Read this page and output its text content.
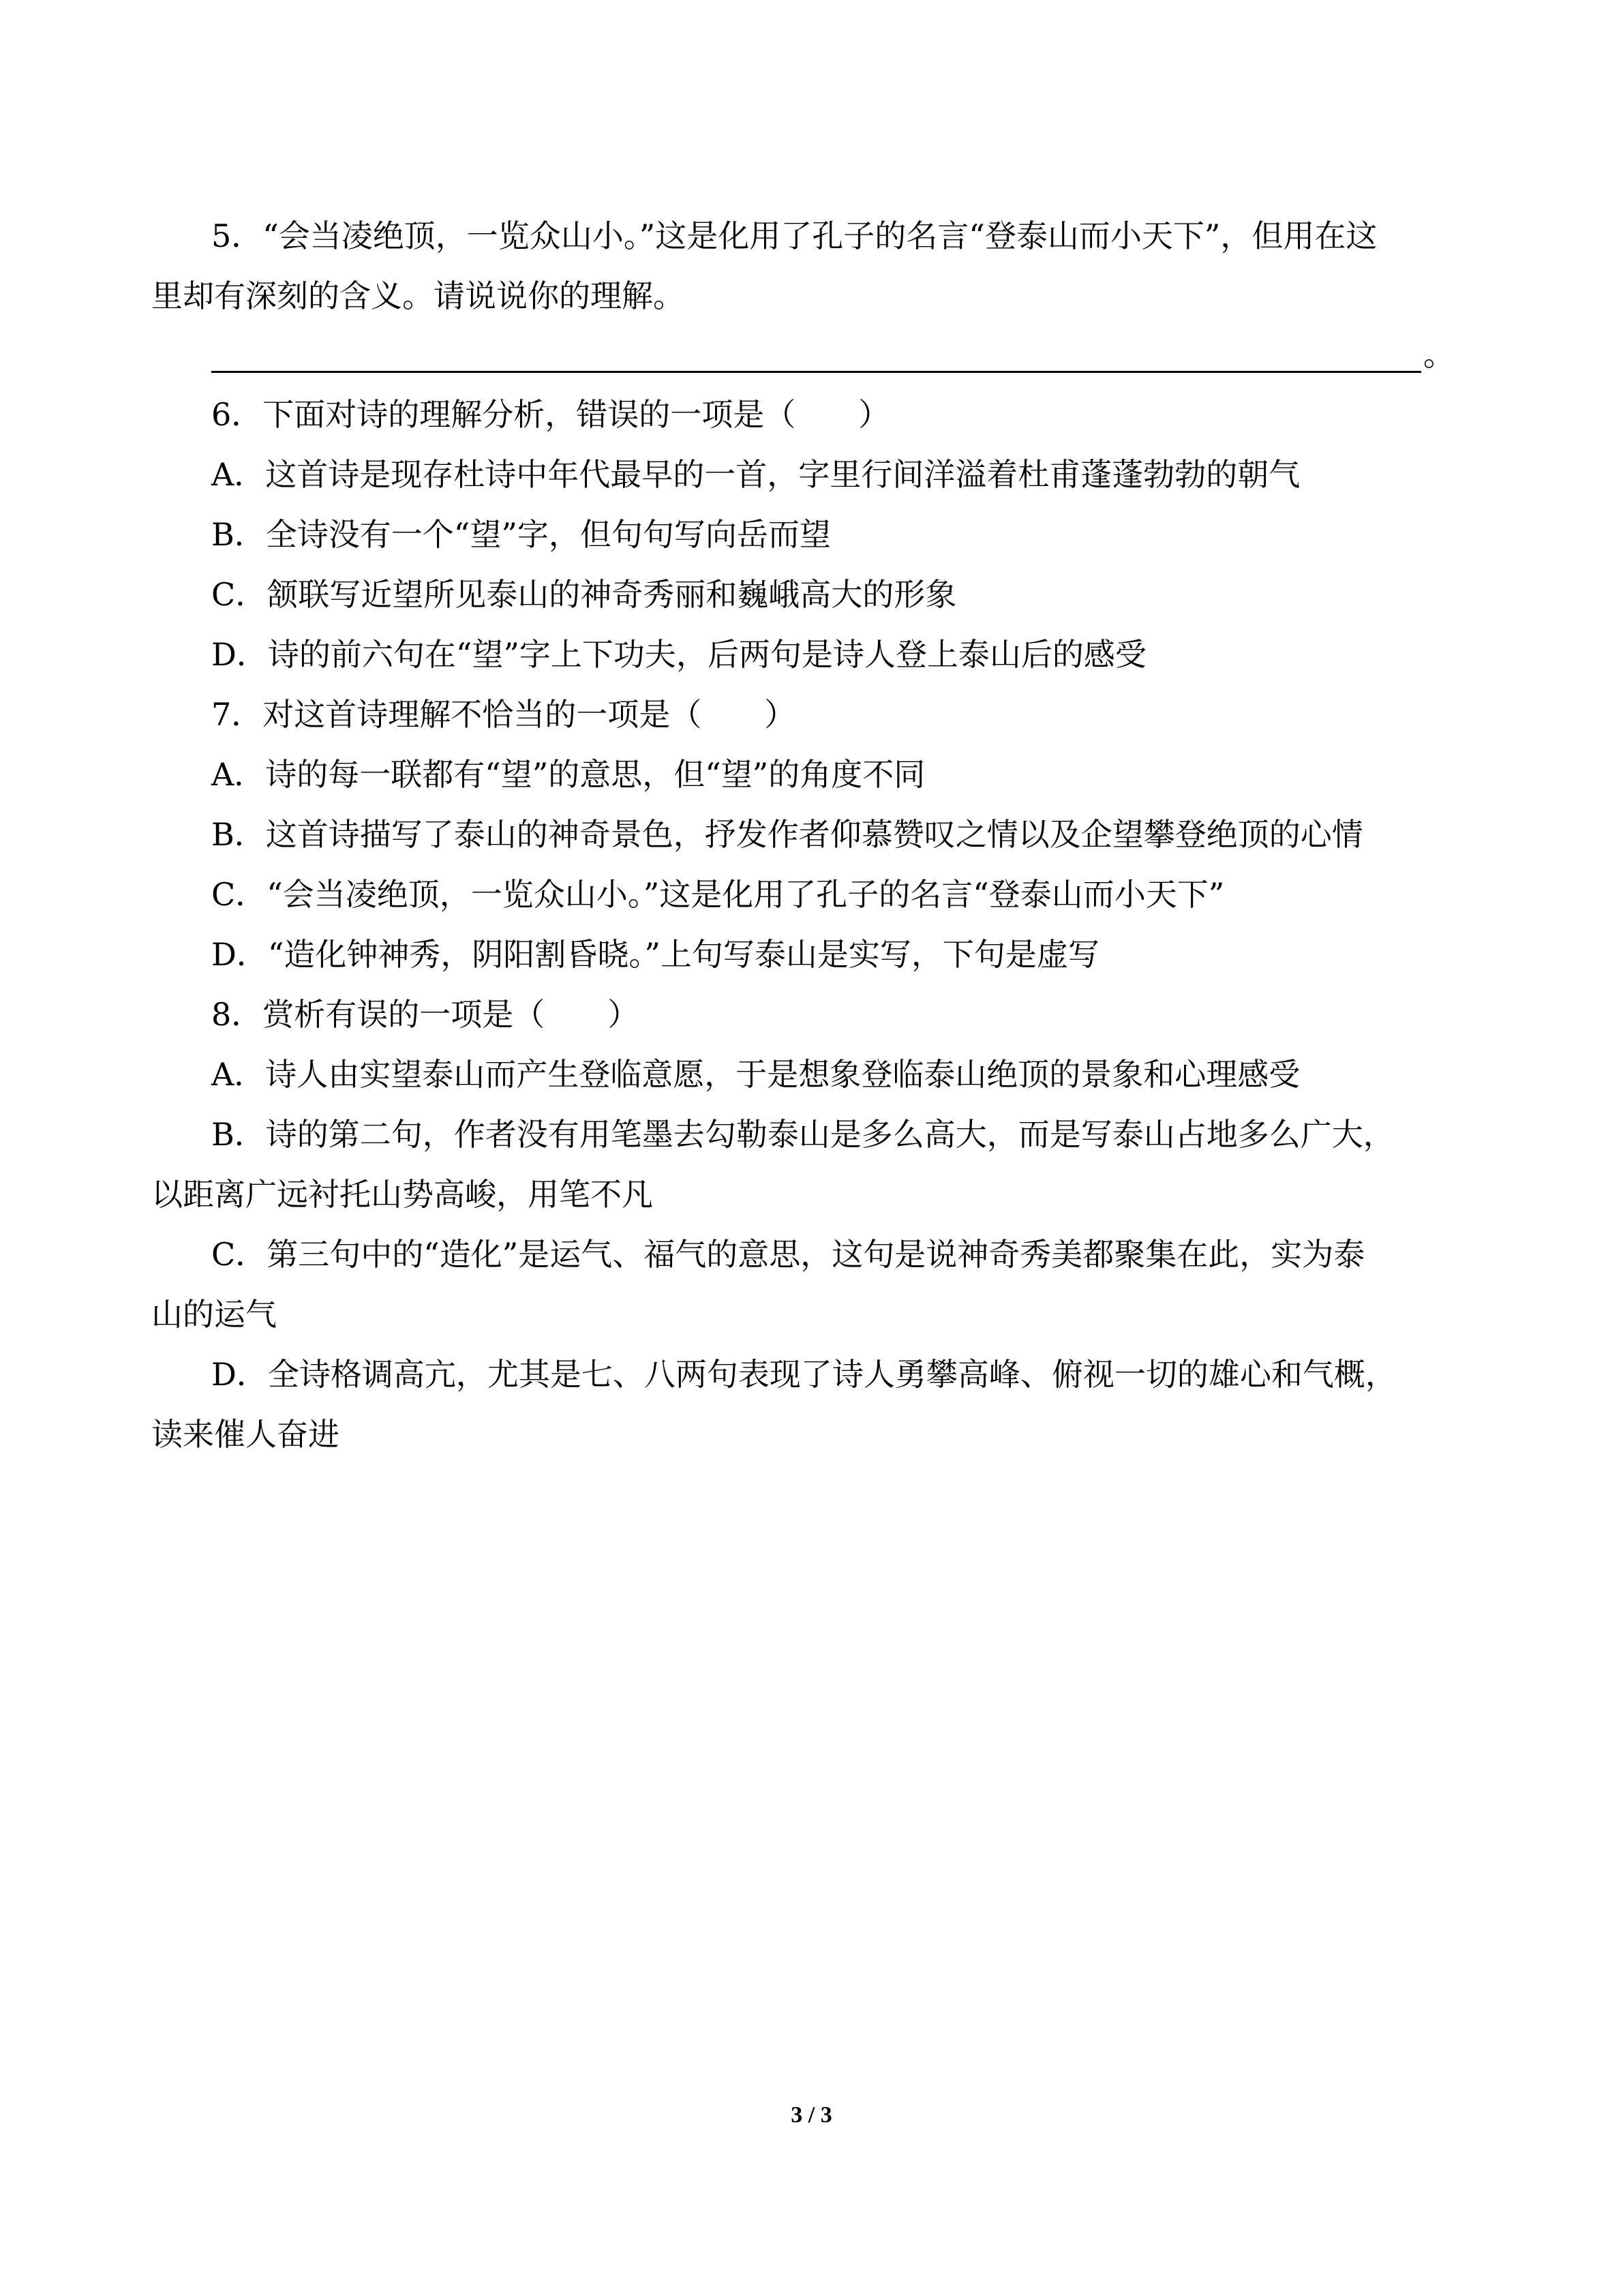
5．“会当凌绝顶，一览众山小。”这是化用了孔子的名言“登泰山而小天下”，但用在这
里却有深刻的含义。请说说你的理解。
。
6．下面对诗的理解分析，错误的一项是（　　）
A．这首诗是现存杜诗中年代最早的一首，字里行间洋溢着杜甫蓬蓬勃勃的朝气
B．全诗没有一个“望”字，但句句写向岳而望
C．颔联写近望所见泰山的神奇秀丽和巍峨高大的形象
D．诗的前六句在“望”字上下功夫，后两句是诗人登上泰山后的感受
7．对这首诗理解不恰当的一项是（　　）
A．诗的每一联都有“望”的意思，但“望”的角度不同
B．这首诗描写了泰山的神奇景色，抒发作者仰慕赞叹之情以及企望攀登绝顶的心情
C．“会当凌绝顶，一览众山小。”这是化用了孔子的名言“登泰山而小天下”
D．“造化钟神秀，阴阳割昏晓。”上句写泰山是实写，下句是虚写
8．赏析有误的一项是（　　）
A．诗人由实望泰山而产生登临意愿，于是想象登临泰山绝顶的景象和心理感受
B．诗的第二句，作者没有用笔墨去勾勒泰山是多么高大，而是写泰山占地多么广大，
以距离广远衬托山势高峻，用笔不凡
C．第三句中的“造化”是运气、福气的意思，这句是说神奇秀美都聚集在此，实为泰
山的运气
D．全诗格调高亢，尤其是七、八两句表现了诗人勇攀高峰、俯视一切的雄心和气概，
读来催人奋进
3 / 3
